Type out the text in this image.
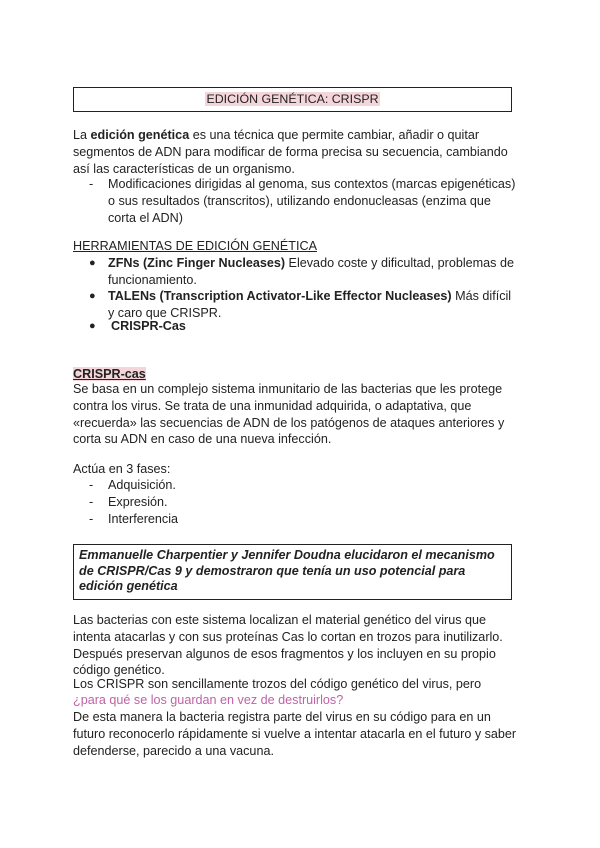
EDICIÓN GENÉTICA: CRISPR

La edición genética es una técnica que permite cambiar, añadir o quitar segmentos de ADN para modificar de forma precisa su secuencia, cambiando así las características de un organismo.

- Modificaciones dirigidas al genoma, sus contextos (marcas epigenéticas) o sus resultados (transcritos), utilizando endonucleasas (enzima que corta el ADN)
HERRAMIENTAS DE EDICIÓN GENÉTICA
● ZFNs (Zinc Finger Nucleases) Elevado coste y dificultad, problemas de funcionamiento.
● TALENs (Transcription Activator-Like Effector Nucleases) Más difícil y caro que CRISPR.
● CRISPR-Cas
CRISPR-cas

Se basa en un complejo sistema inmunitario de las bacterias que les protege contra los virus. Se trata de una inmunidad adquirida, o adaptativa, que «recuerda» las secuencias de ADN de los patógenos de ataques anteriores y corta su ADN en caso de una nueva infección.

Actúa en 3 fases:

- Adquisición.
- Expresión.
- Interferencia
Emmanuelle Charpentier y Jennifer Doudna elucidaron el mecanismo de CRISPR/Cas 9 y demostraron que tenía un uso potencial para edición genética

Las bacterias con este sistema localizan el material genético del virus que intenta atacarlas y con sus proteínas Cas lo cortan en trozos para inutilizarlo. Después preservan algunos de esos fragmentos y los incluyen en su propio código genético.

Los CRISPR son sencillamente trozos del código genético del virus, pero

¿para qué se los guardan en vez de destruirlos?

De esta manera la bacteria registra parte del virus en su código para en un futuro reconocerlo rápidamente si vuelve a intentar atacarla en el futuro y saber defenderse, parecido a una vacuna.
